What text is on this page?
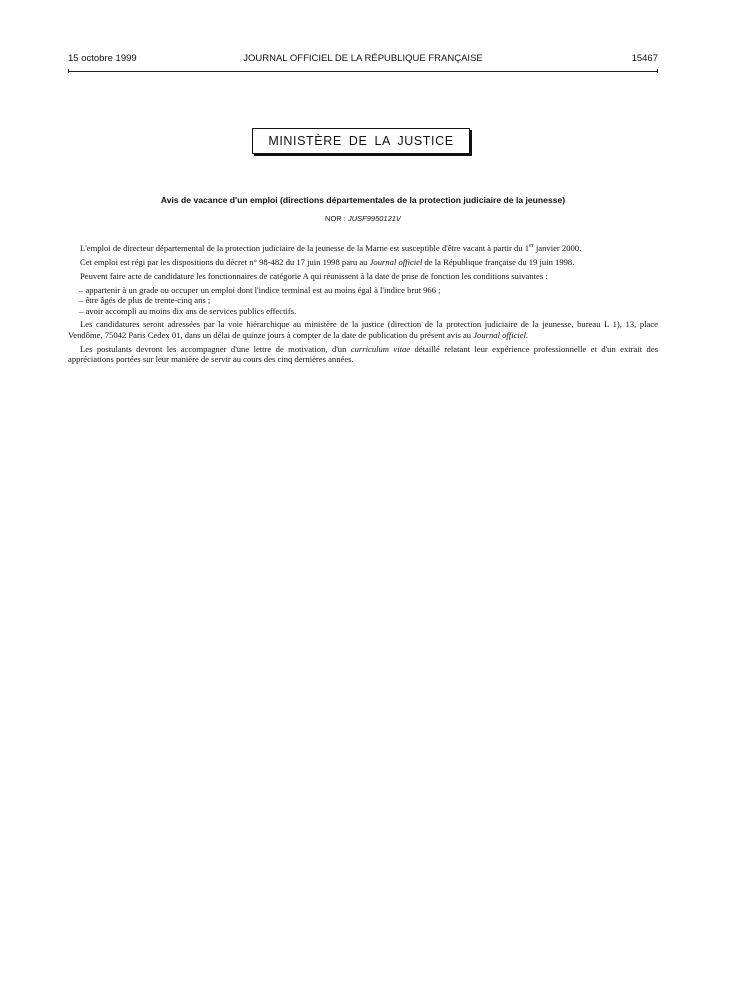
15 octobre 1999	JOURNAL OFFICIEL DE LA RÉPUBLIQUE FRANÇAISE	15467
MINISTÈRE DE LA JUSTICE
Avis de vacance d'un emploi (directions départementales de la protection judiciaire de la jeunesse)
NOR : JUSF9950121V

L'emploi de directeur départemental de la protection judiciaire de la jeunesse de la Marne est susceptible d'être vacant à partir du 1er janvier 2000.

Cet emploi est régi par les dispositions du décret n° 98-482 du 17 juin 1998 paru au Journal officiel de la République française du 19 juin 1998.

Peuvent faire acte de candidature les fonctionnaires de catégorie A qui réunissent à la date de prise de fonction les conditions suivantes :

– appartenir à un grade ou occuper un emploi dont l'indice terminal est au moins égal à l'indice brut 966 ;
– être âgés de plus de trente-cinq ans ;
– avoir accompli au moins dix ans de services publics effectifs.

Les candidatures seront adressées par la voie hiérarchique au ministère de la justice (direction de la protection judiciaire de la jeunesse, bureau L 1), 13, place Vendôme, 75042 Paris Cedex 01, dans un délai de quinze jours à compter de la date de publication du présent avis au Journal officiel.

Les postulants devront les accompagner d'une lettre de motivation, d'un curriculum vitae détaillé relatant leur expérience professionnelle et d'un extrait des appréciations portées sur leur manière de servir au cours des cinq dernières années.
